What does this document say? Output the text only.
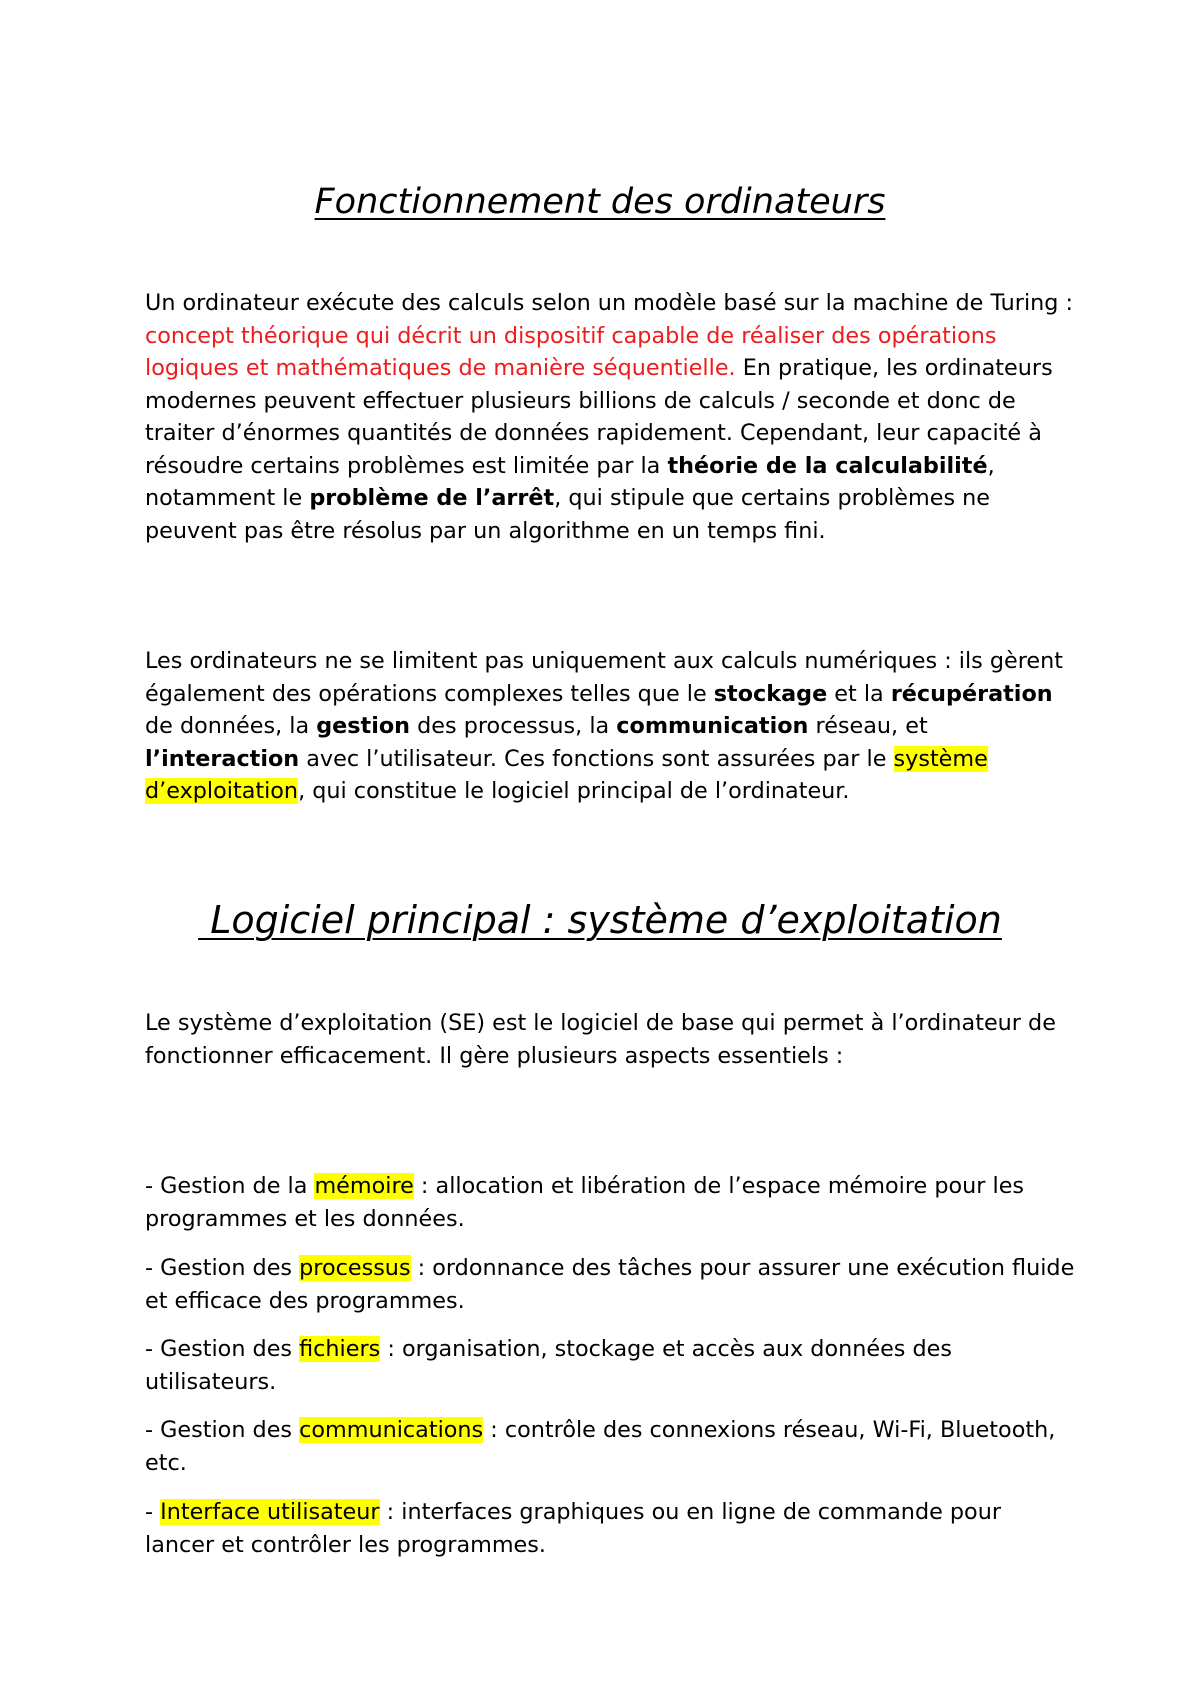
Fonctionnement des ordinateurs

Un ordinateur exécute des calculs selon un modèle basé sur la machine de Turing : concept théorique qui décrit un dispositif capable de réaliser des opérations logiques et mathématiques de manière séquentielle. En pratique, les ordinateurs modernes peuvent effectuer plusieurs billions de calculs / seconde et donc de traiter d’énormes quantités de données rapidement. Cependant, leur capacité à résoudre certains problèmes est limitée par la théorie de la calculabilité, notamment le problème de l’arrêt, qui stipule que certains problèmes ne peuvent pas être résolus par un algorithme en un temps fini.

Les ordinateurs ne se limitent pas uniquement aux calculs numériques : ils gèrent également des opérations complexes telles que le stockage et la récupération de données, la gestion des processus, la communication réseau, et l’interaction avec l’utilisateur. Ces fonctions sont assurées par le système d’exploitation, qui constitue le logiciel principal de l’ordinateur.

Logiciel principal : système d’exploitation

Le système d’exploitation (SE) est le logiciel de base qui permet à l’ordinateur de fonctionner efficacement. Il gère plusieurs aspects essentiels :

- Gestion de la mémoire : allocation et libération de l’espace mémoire pour les programmes et les données.

- Gestion des processus : ordonnance des tâches pour assurer une exécution fluide et efficace des programmes.

- Gestion des fichiers : organisation, stockage et accès aux données des utilisateurs.

- Gestion des communications : contrôle des connexions réseau, Wi-Fi, Bluetooth, etc.

- Interface utilisateur : interfaces graphiques ou en ligne de commande pour lancer et contrôler les programmes.
